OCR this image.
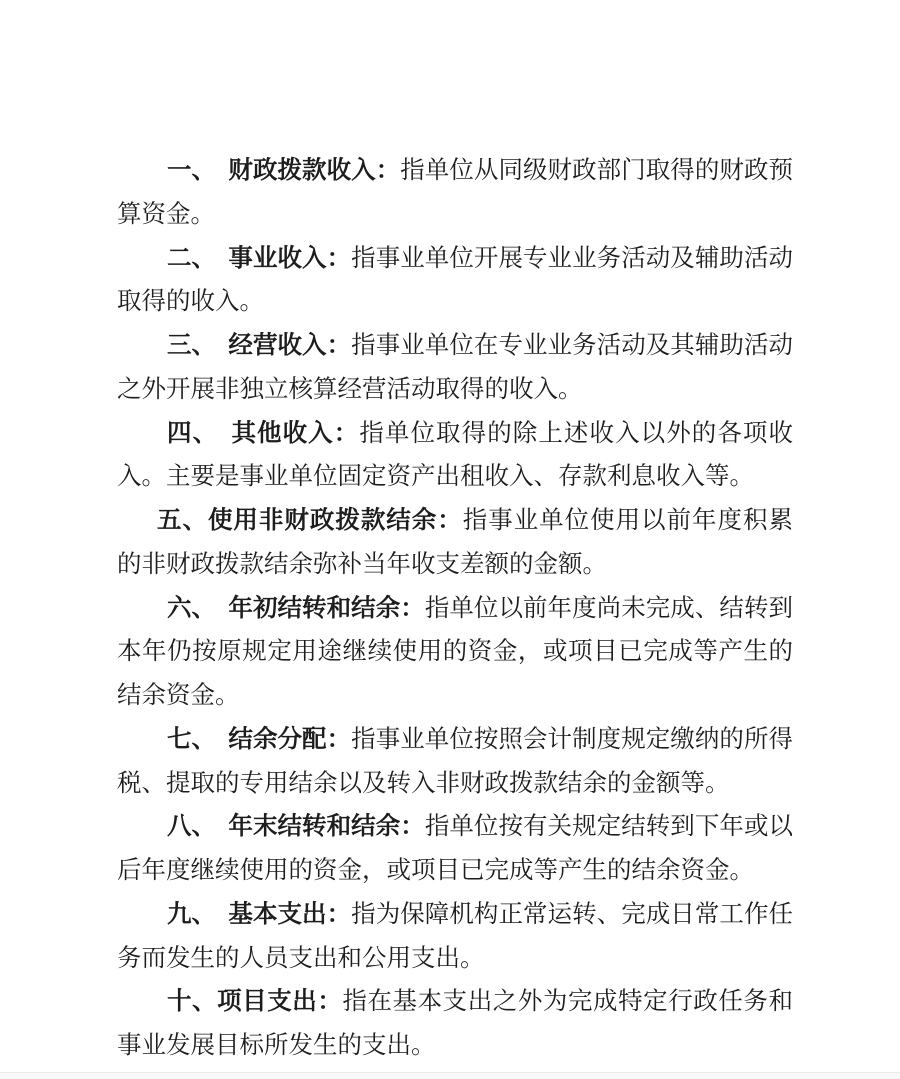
一、 财政拨款收入：指单位从同级财政部门取得的财政预算资金。

二、 事业收入：指事业单位开展专业业务活动及辅助活动取得的收入。

三、 经营收入：指事业单位在专业业务活动及其辅助活动之外开展非独立核算经营活动取得的收入。

四、 其他收入：指单位取得的除上述收入以外的各项收入。主要是事业单位固定资产出租收入、存款利息收入等。

五、使用非财政拨款结余：指事业单位使用以前年度积累的非财政拨款结余弥补当年收支差额的金额。

六、 年初结转和结余：指单位以前年度尚未完成、结转到本年仍按原规定用途继续使用的资金，或项目已完成等产生的结余资金。

七、 结余分配：指事业单位按照会计制度规定缴纳的所得税、提取的专用结余以及转入非财政拨款结余的金额等。

八、 年末结转和结余：指单位按有关规定结转到下年或以后年度继续使用的资金，或项目已完成等产生的结余资金。

九、 基本支出：指为保障机构正常运转、完成日常工作任务而发生的人员支出和公用支出。

十、项目支出：指在基本支出之外为完成特定行政任务和事业发展目标所发生的支出。
